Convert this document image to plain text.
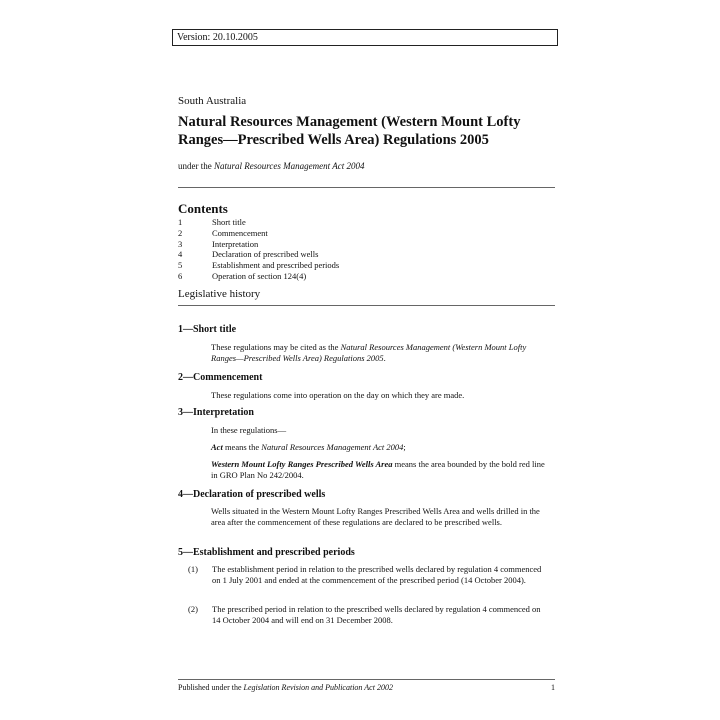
Version: 20.10.2005
South Australia
Natural Resources Management (Western Mount Lofty Ranges—Prescribed Wells Area) Regulations 2005
under the Natural Resources Management Act 2004
Contents
1	Short title
2	Commencement
3	Interpretation
4	Declaration of prescribed wells
5	Establishment and prescribed periods
6	Operation of section 124(4)
Legislative history
1—Short title
These regulations may be cited as the Natural Resources Management (Western Mount Lofty Ranges—Prescribed Wells Area) Regulations 2005.
2—Commencement
These regulations come into operation on the day on which they are made.
3—Interpretation
In these regulations—
Act means the Natural Resources Management Act 2004;
Western Mount Lofty Ranges Prescribed Wells Area means the area bounded by the bold red line in GRO Plan No 242/2004.
4—Declaration of prescribed wells
Wells situated in the Western Mount Lofty Ranges Prescribed Wells Area and wells drilled in the area after the commencement of these regulations are declared to be prescribed wells.
5—Establishment and prescribed periods
(1)	The establishment period in relation to the prescribed wells declared by regulation 4 commenced on 1 July 2001 and ended at the commencement of the prescribed period (14 October 2004).
(2)	The prescribed period in relation to the prescribed wells declared by regulation 4 commenced on 14 October 2004 and will end on 31 December 2008.
Published under the Legislation Revision and Publication Act 2002	1
